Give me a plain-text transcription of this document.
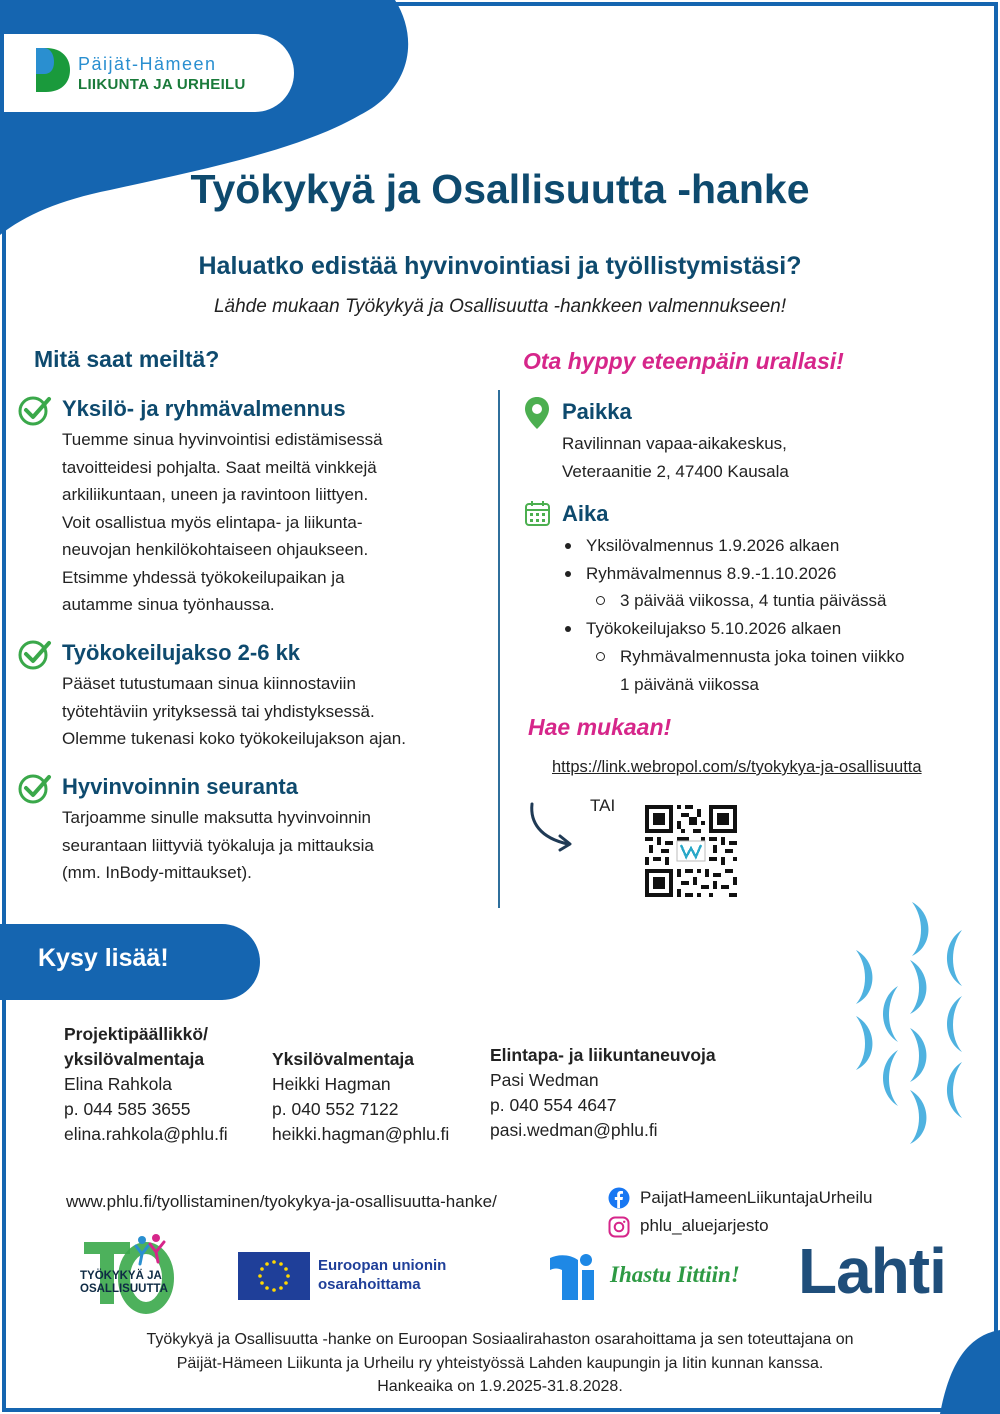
Päijät-Hämeen
LIIKUNTA JA URHEILU
Työkykyä ja Osallisuutta -hanke
Haluatko edistää hyvinvointiasi ja työllistymistäsi?
Lähde mukaan Työkykyä ja Osallisuutta -hankkeen valmennukseen!
Mitä saat meiltä?
Yksilö- ja ryhmävalmennus
Tuemme sinua hyvinvointisi edistämisessä
tavoitteidesi pohjalta. Saat meiltä vinkkejä
arkiliikuntaan, uneen ja ravintoon liittyen.
Voit osallistua myös elintapa- ja liikunta-
neuvojan henkilökohtaiseen ohjaukseen.
Etsimme yhdessä työkokeilupaikan ja
autamme sinua työnhaussa.
Työkokeilujakso 2-6 kk
Pääset tutustumaan sinua kiinnostaviin
työtehtäviin yrityksessä tai yhdistyksessä.
Olemme tukenasi koko työkokeilujakson ajan.
Hyvinvoinnin seuranta
Tarjoamme sinulle maksutta hyvinvoinnin
seurantaan liittyviä työkaluja ja mittauksia
(mm. InBody-mittaukset).
Ota hyppy eteenpäin urallasi!
Paikka
Ravilinnan vapaa-aikakeskus,
Veteraanitie 2, 47400 Kausala
Aika
Yksilövalmennus 1.9.2026 alkaen
Ryhmävalmennus 8.9.-1.10.2026
3 päivää viikossa, 4 tuntia päivässä
Työkokeilujakso 5.10.2026 alkaen
Ryhmävalmennusta joka toinen viikko
1 päivänä viikossa
Hae mukaan!
https://link.webropol.com/s/tyokykya-ja-osallisuutta
TAI
Kysy lisää!
Projektipäällikkö/
yksilövalmentaja
Elina Rahkola
p. 044 585 3655
elina.rahkola@phlu.fi
Yksilövalmentaja
Heikki Hagman
p. 040 552 7122
heikki.hagman@phlu.fi
Elintapa- ja liikuntaneuvoja
Pasi Wedman
p. 040 554 4647
pasi.wedman@phlu.fi
www.phlu.fi/tyollistaminen/tyokykya-ja-osallisuutta-hanke/	PaijatHameenLiikuntajaUrheilu
phlu_aluejarjesto
TYÖKYKYÄ JA
OSALLISUUTTA
Euroopan unionin
osarahoittama	Ihastu Iittiin! Lahti
Työkykyä ja Osallisuutta -hanke on Euroopan Sosiaalirahaston osarahoittama ja sen toteuttajana on
Päijät-Hämeen Liikunta ja Urheilu ry yhteistyössä Lahden kaupungin ja Iitin kunnan kanssa.
Hankeaika on 1.9.2025-31.8.2028.
